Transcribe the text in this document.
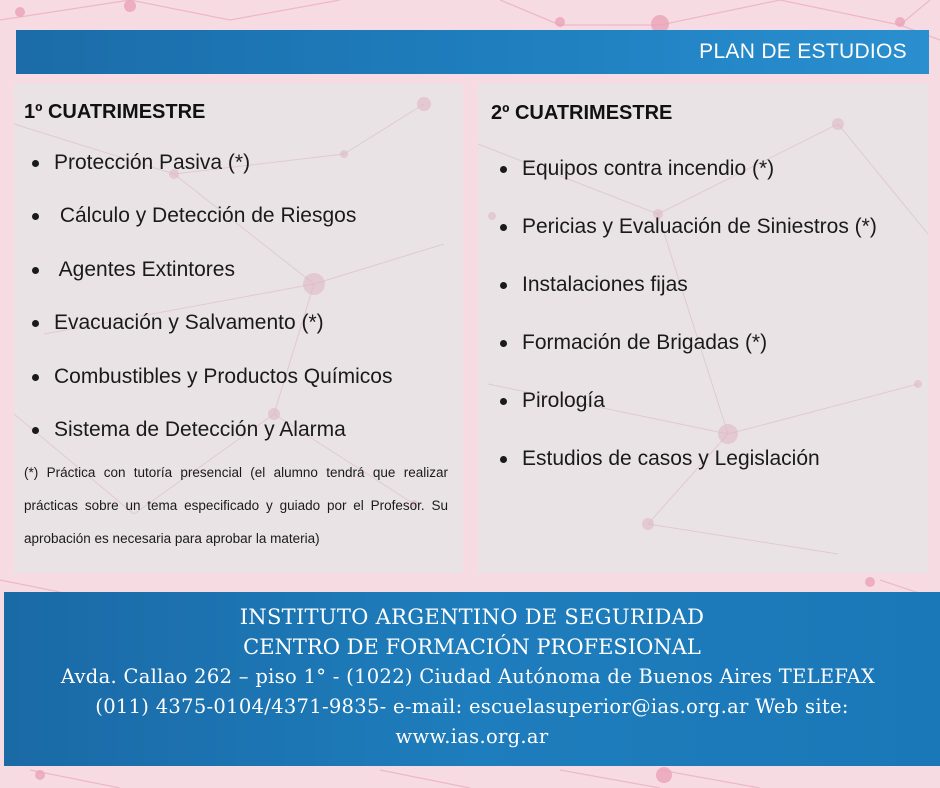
PLAN DE ESTUDIOS
1º CUATRIMESTRE
Protección Pasiva (*)
Cálculo y Detección de Riesgos
Agentes Extintores
Evacuación y Salvamento (*)
Combustibles y Productos Químicos
Sistema de Detección y Alarma
(*) Práctica con tutoría presencial (el alumno tendrá que realizar prácticas sobre un tema especificado y guiado por el Profesor. Su aprobación es necesaria para aprobar la materia)
2º CUATRIMESTRE
Equipos contra incendio (*)
Pericias y Evaluación de Siniestros (*)
Instalaciones fijas
Formación de Brigadas (*)
Pirología
Estudios de casos y Legislación
INSTITUTO ARGENTINO DE SEGURIDAD
CENTRO DE FORMACIÓN PROFESIONAL
Avda. Callao 262 – piso 1° - (1022) Ciudad Autónoma de Buenos Aires TELEFAX
(011) 4375-0104/4371-9835- e-mail: escuelasuperior@ias.org.ar Web site:
www.ias.org.ar
